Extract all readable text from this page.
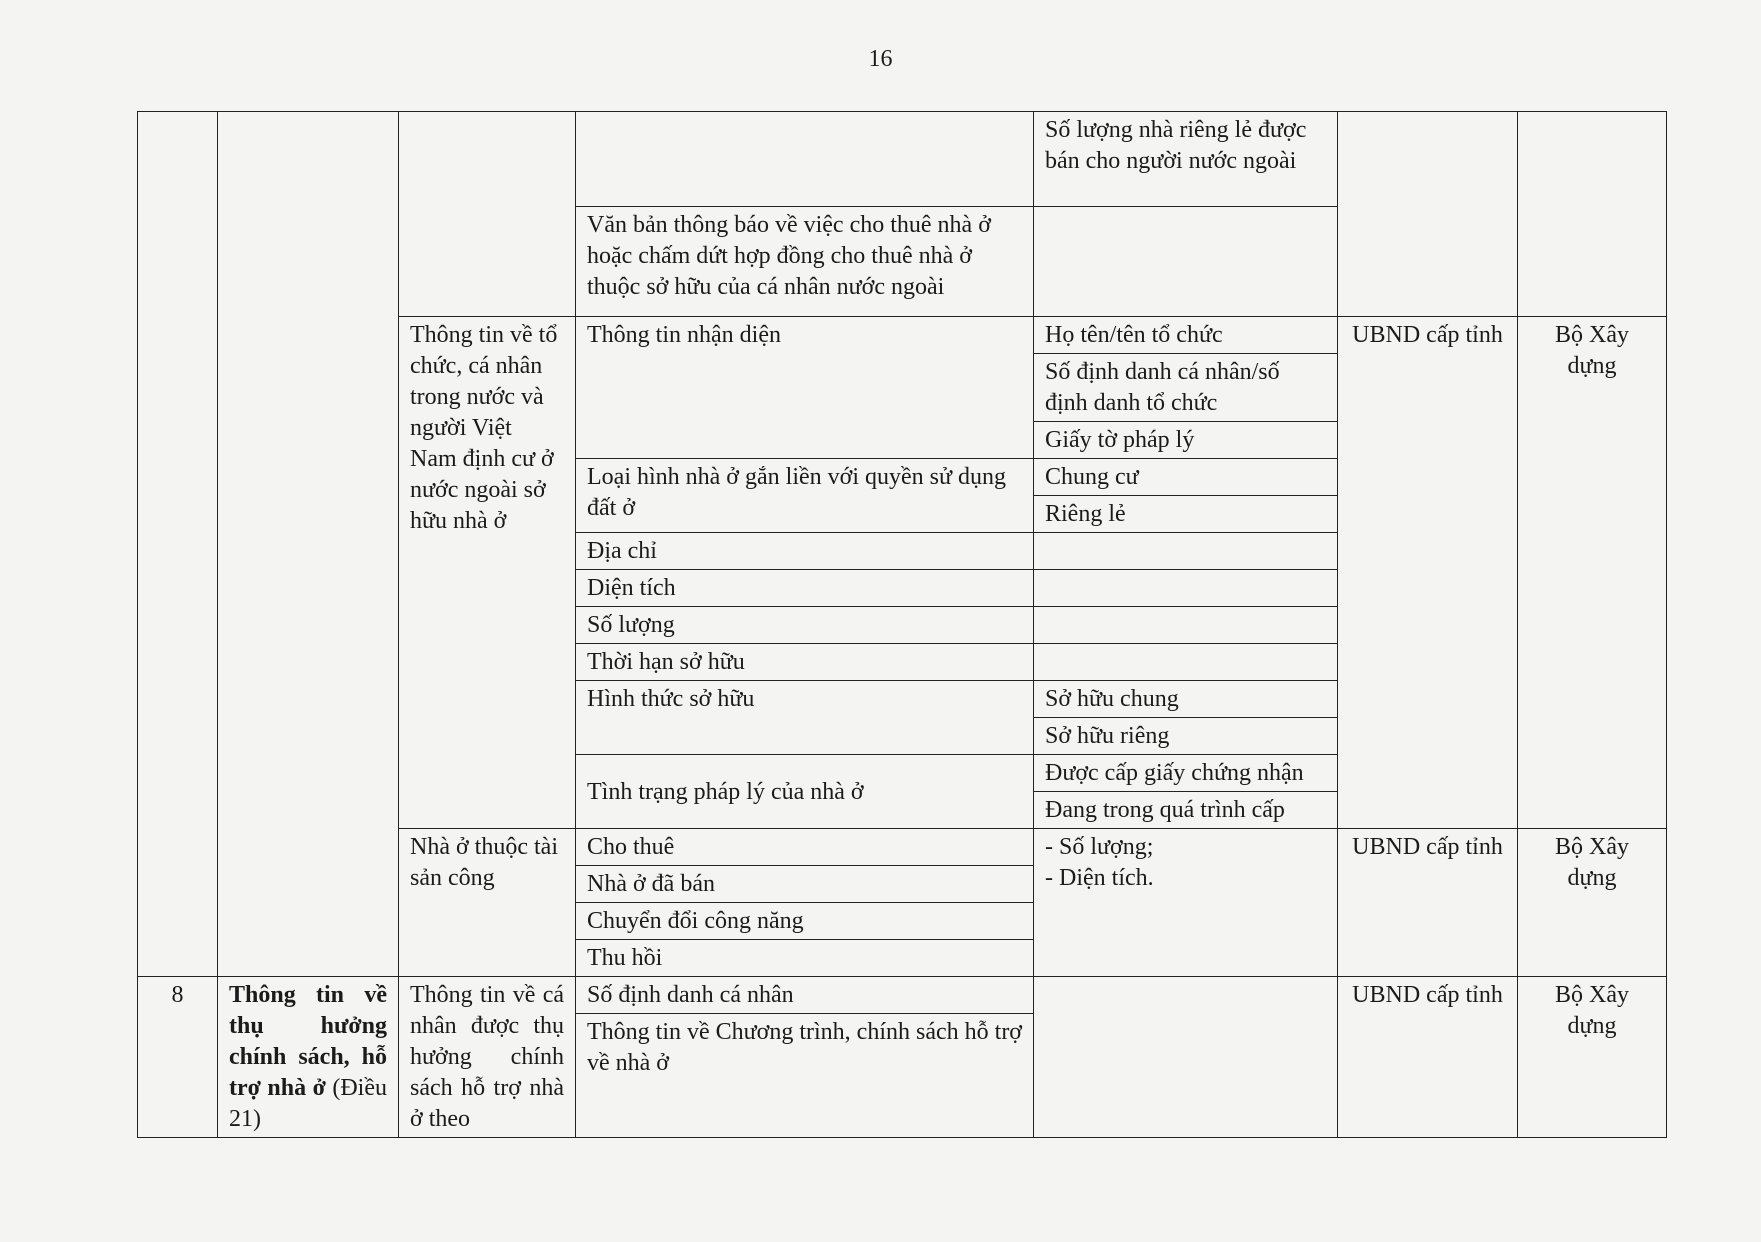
16
				Số lượng nhà riêng lẻ được bán cho người nước ngoài		
			Văn bản thông báo về việc cho thuê nhà ở hoặc chấm dứt hợp đồng cho thuê nhà ở thuộc sở hữu của cá nhân nước ngoài			
		Thông tin về tổ chức, cá nhân trong nước và người Việt Nam định cư ở nước ngoài sở hữu nhà ở	Thông tin nhận diện	Họ tên/tên tổ chức	UBND cấp tỉnh	Bộ Xây dựng
				Số định danh cá nhân/số định danh tổ chức		
				Giấy tờ pháp lý		
			Loại hình nhà ở gắn liền với quyền sử dụng đất ở	Chung cư		
				Riêng lẻ		
			Địa chỉ			
			Diện tích			
			Số lượng			
			Thời hạn sở hữu			
			Hình thức sở hữu	Sở hữu chung		
				Sở hữu riêng		
			Tình trạng pháp lý của nhà ở	Được cấp giấy chứng nhận		
				Đang trong quá trình cấp		
		Nhà ở thuộc tài sản công	Cho thuê	- Số lượng;
- Diện tích.	UBND cấp tỉnh	Bộ Xây dựng
			Nhà ở đã bán			
			Chuyển đổi công năng			
			Thu hồi			
8	Thông tin về thụ hưởng chính sách, hỗ trợ nhà ở (Điều 21)	Thông tin về cá nhân được thụ hưởng chính sách hỗ trợ nhà ở theo	Số định danh cá nhân		UBND cấp tỉnh	Bộ Xây dựng
			Thông tin về Chương trình, chính sách hỗ trợ về nhà ở			
